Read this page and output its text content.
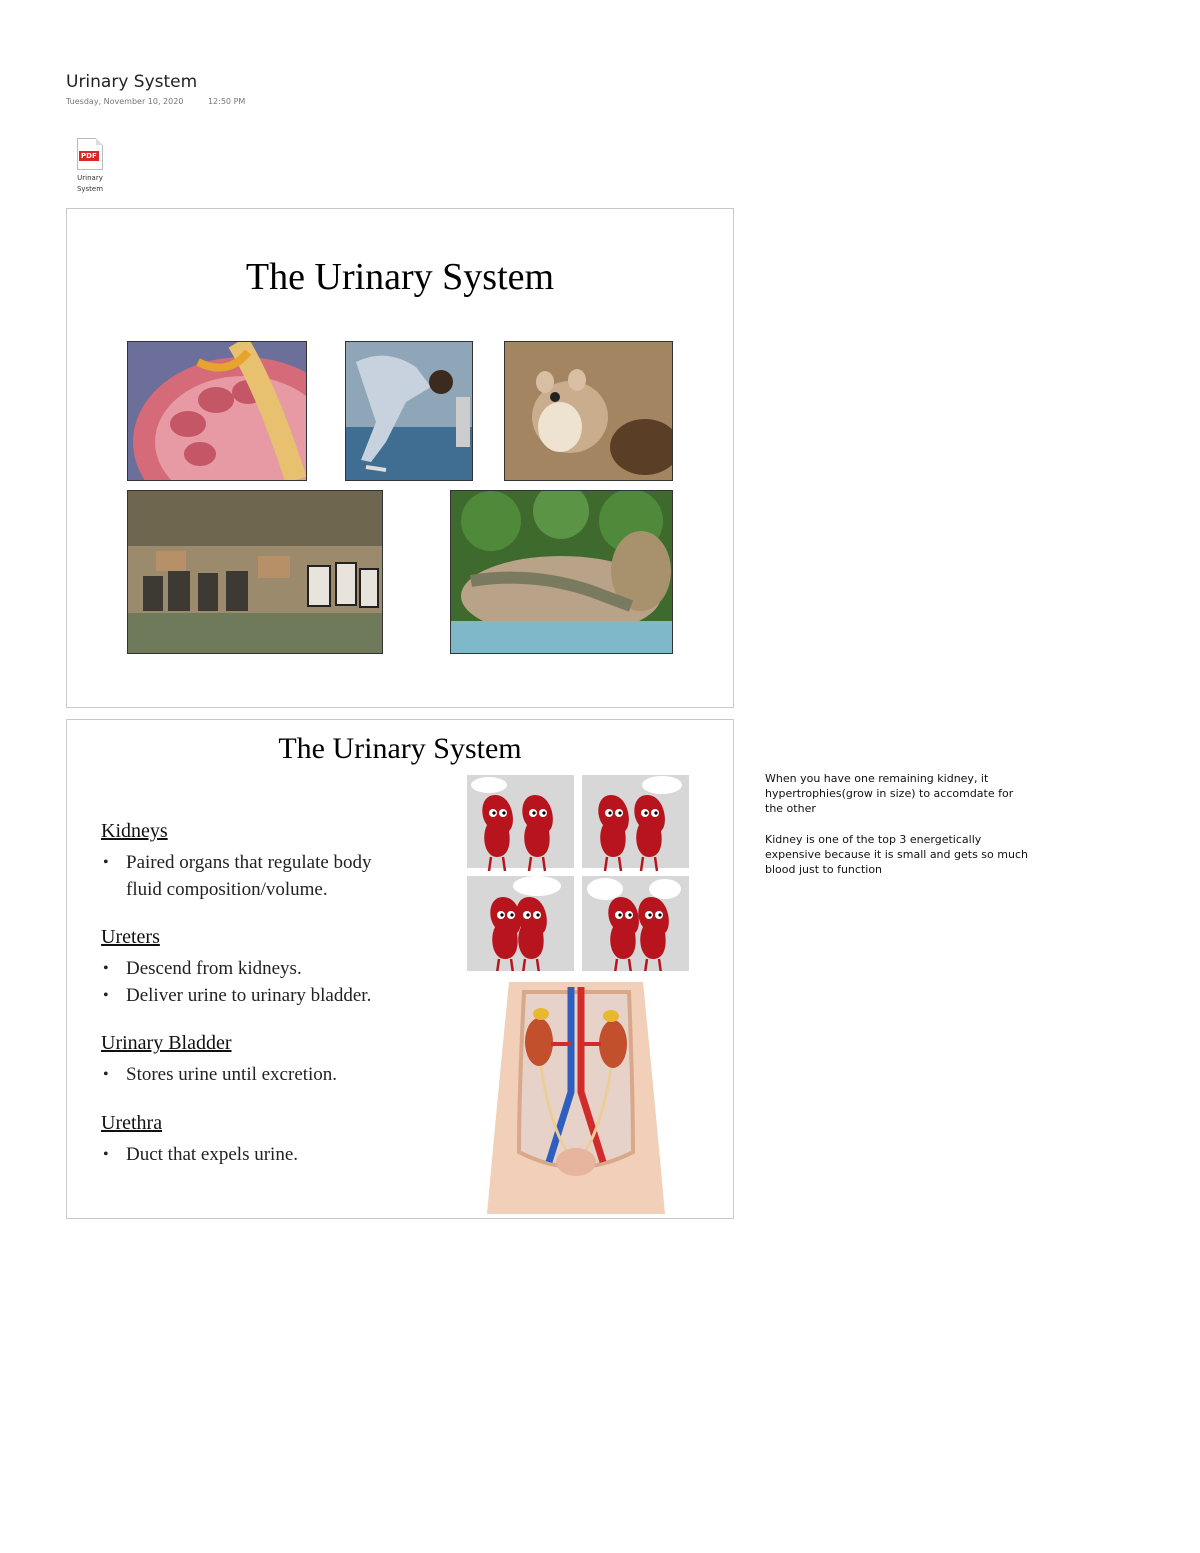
Urinary System
Tuesday, November 10, 2020	12:50 PM
PDF
Urinary
System
The Urinary System
The Urinary System
Kidneys
• Paired organs that regulate body fluid composition/volume.
Ureters
• Descend from kidneys.
• Deliver urine to urinary bladder.
Urinary Bladder
• Stores urine until excretion.
Urethra
• Duct that expels urine.

When you have one remaining kidney, it hypertrophies(grow in size) to accomdate for the other

Kidney is one of the top 3 energetically expensive because it is small and gets so much blood just to function
